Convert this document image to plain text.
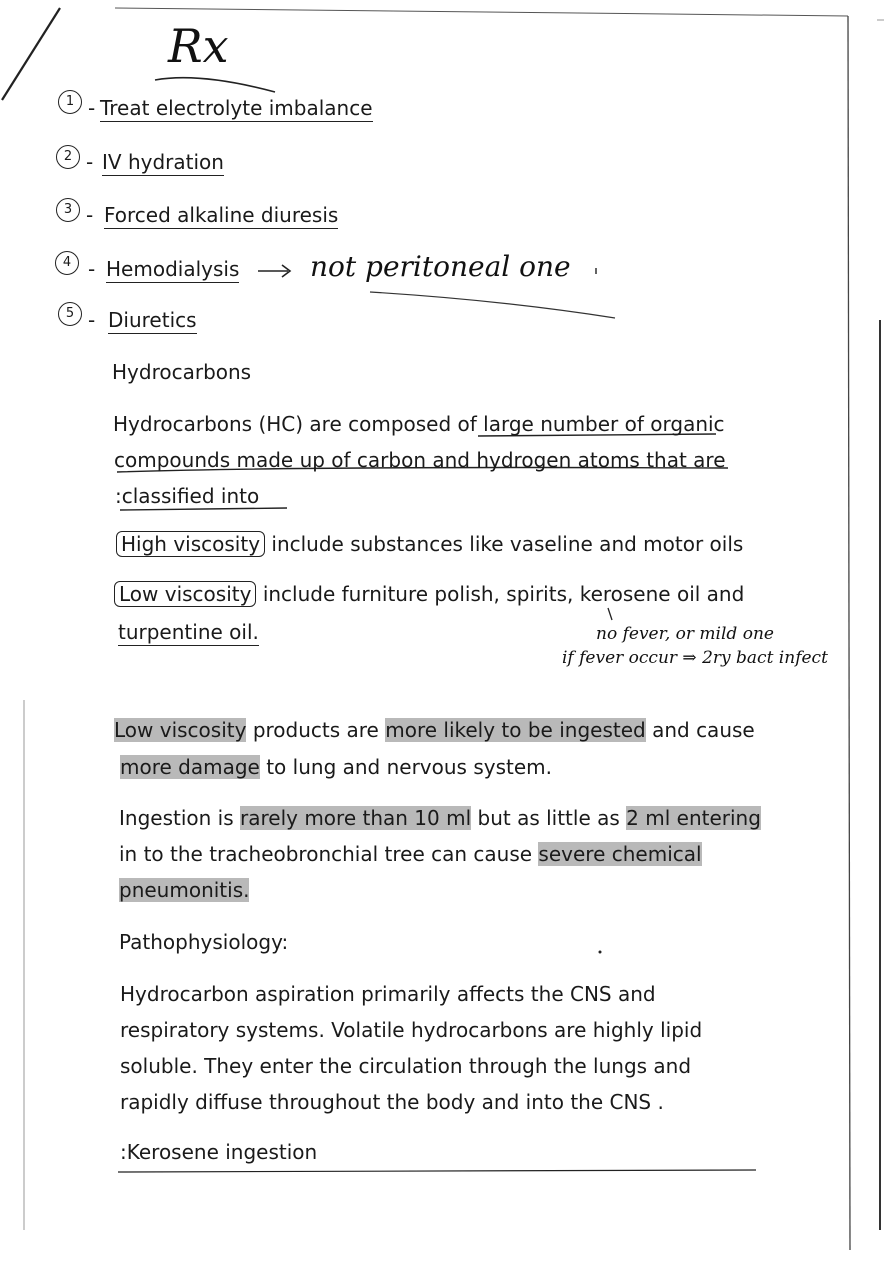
Rx
1 - Treat electrolyte imbalance
2 - IV hydration
3 - Forced alkaline diuresis
4 - Hemodialysis	not peritoneal one
5 - Diuretics
Hydrocarbons
Hydrocarbons (HC) are composed of large number of organic
compounds made up of carbon and hydrogen atoms that are
:classified into
High viscosity include substances like vaseline and motor oils
Low viscosity include furniture polish, spirits, kerosene oil and
turpentine oil.	no fever, or mild one
if fever occur ⇒ 2ry bact infect
Low viscosity products are more likely to be ingested and cause
more damage to lung and nervous system.
Ingestion is rarely more than 10 ml but as little as 2 ml entering
in to the tracheobronchial tree can cause severe chemical
pneumonitis.
Pathophysiology:
Hydrocarbon aspiration primarily affects the CNS and
respiratory systems. Volatile hydrocarbons are highly lipid
soluble. They enter the circulation through the lungs and
rapidly diffuse throughout the body and into the CNS .
:Kerosene ingestion
